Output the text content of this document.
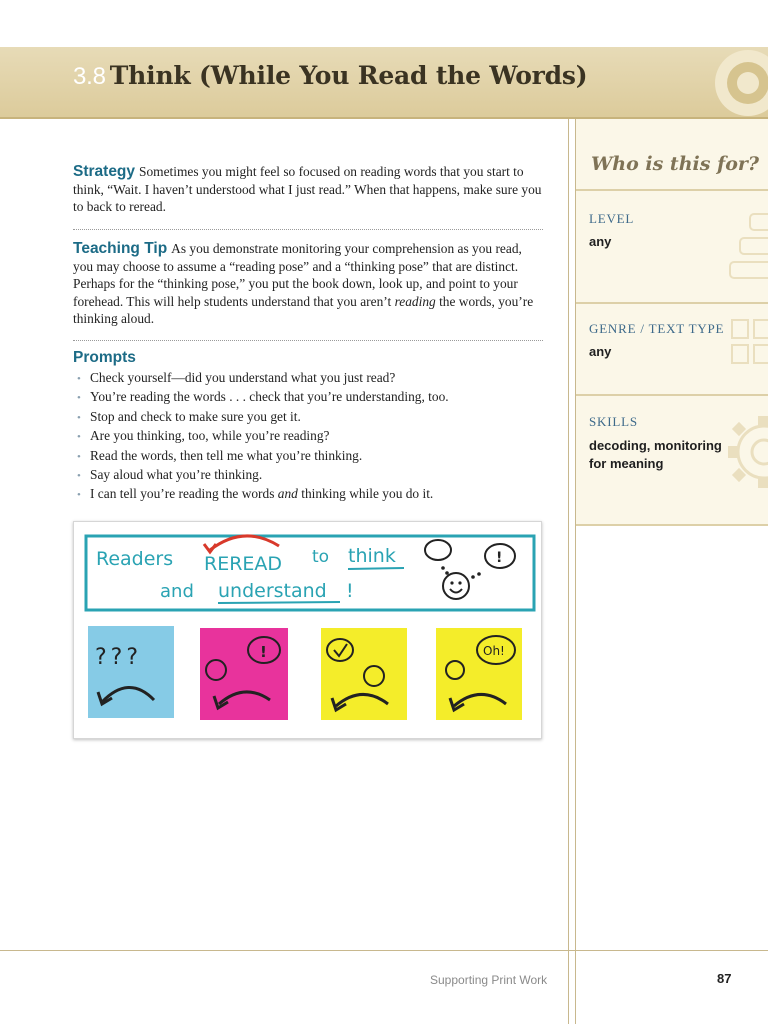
3.8 Think (While You Read the Words)
Strategy Sometimes you might feel so focused on reading words that you start to think, “Wait. I haven’t understood what I just read.” When that happens, make sure you to back to reread.
Teaching Tip As you demonstrate monitoring your comprehension as you read, you may choose to assume a “reading pose” and a “thinking pose” that are distinct. Perhaps for the “thinking pose,” you put the book down, look up, and point to your forehead. This will help students understand that you aren’t reading the words, you’re thinking aloud.
Prompts
• Check yourself—did you understand what you just read?
• You’re reading the words . . . check that you’re understanding, too.
• Stop and check to make sure you get it.
• Are you thinking, too, while you’re reading?
• Read the words, then tell me what you’re thinking.
• Say aloud what you’re thinking.
• I can tell you’re reading the words and thinking while you do it.
Readers REREAD to think
and understand !
!
???	!	Oh!
Who is this for?
LEVEL
any
GENRE / TEXT TYPE
any
SKILLS
decoding, monitoring for meaning
Supporting Print Work	87
